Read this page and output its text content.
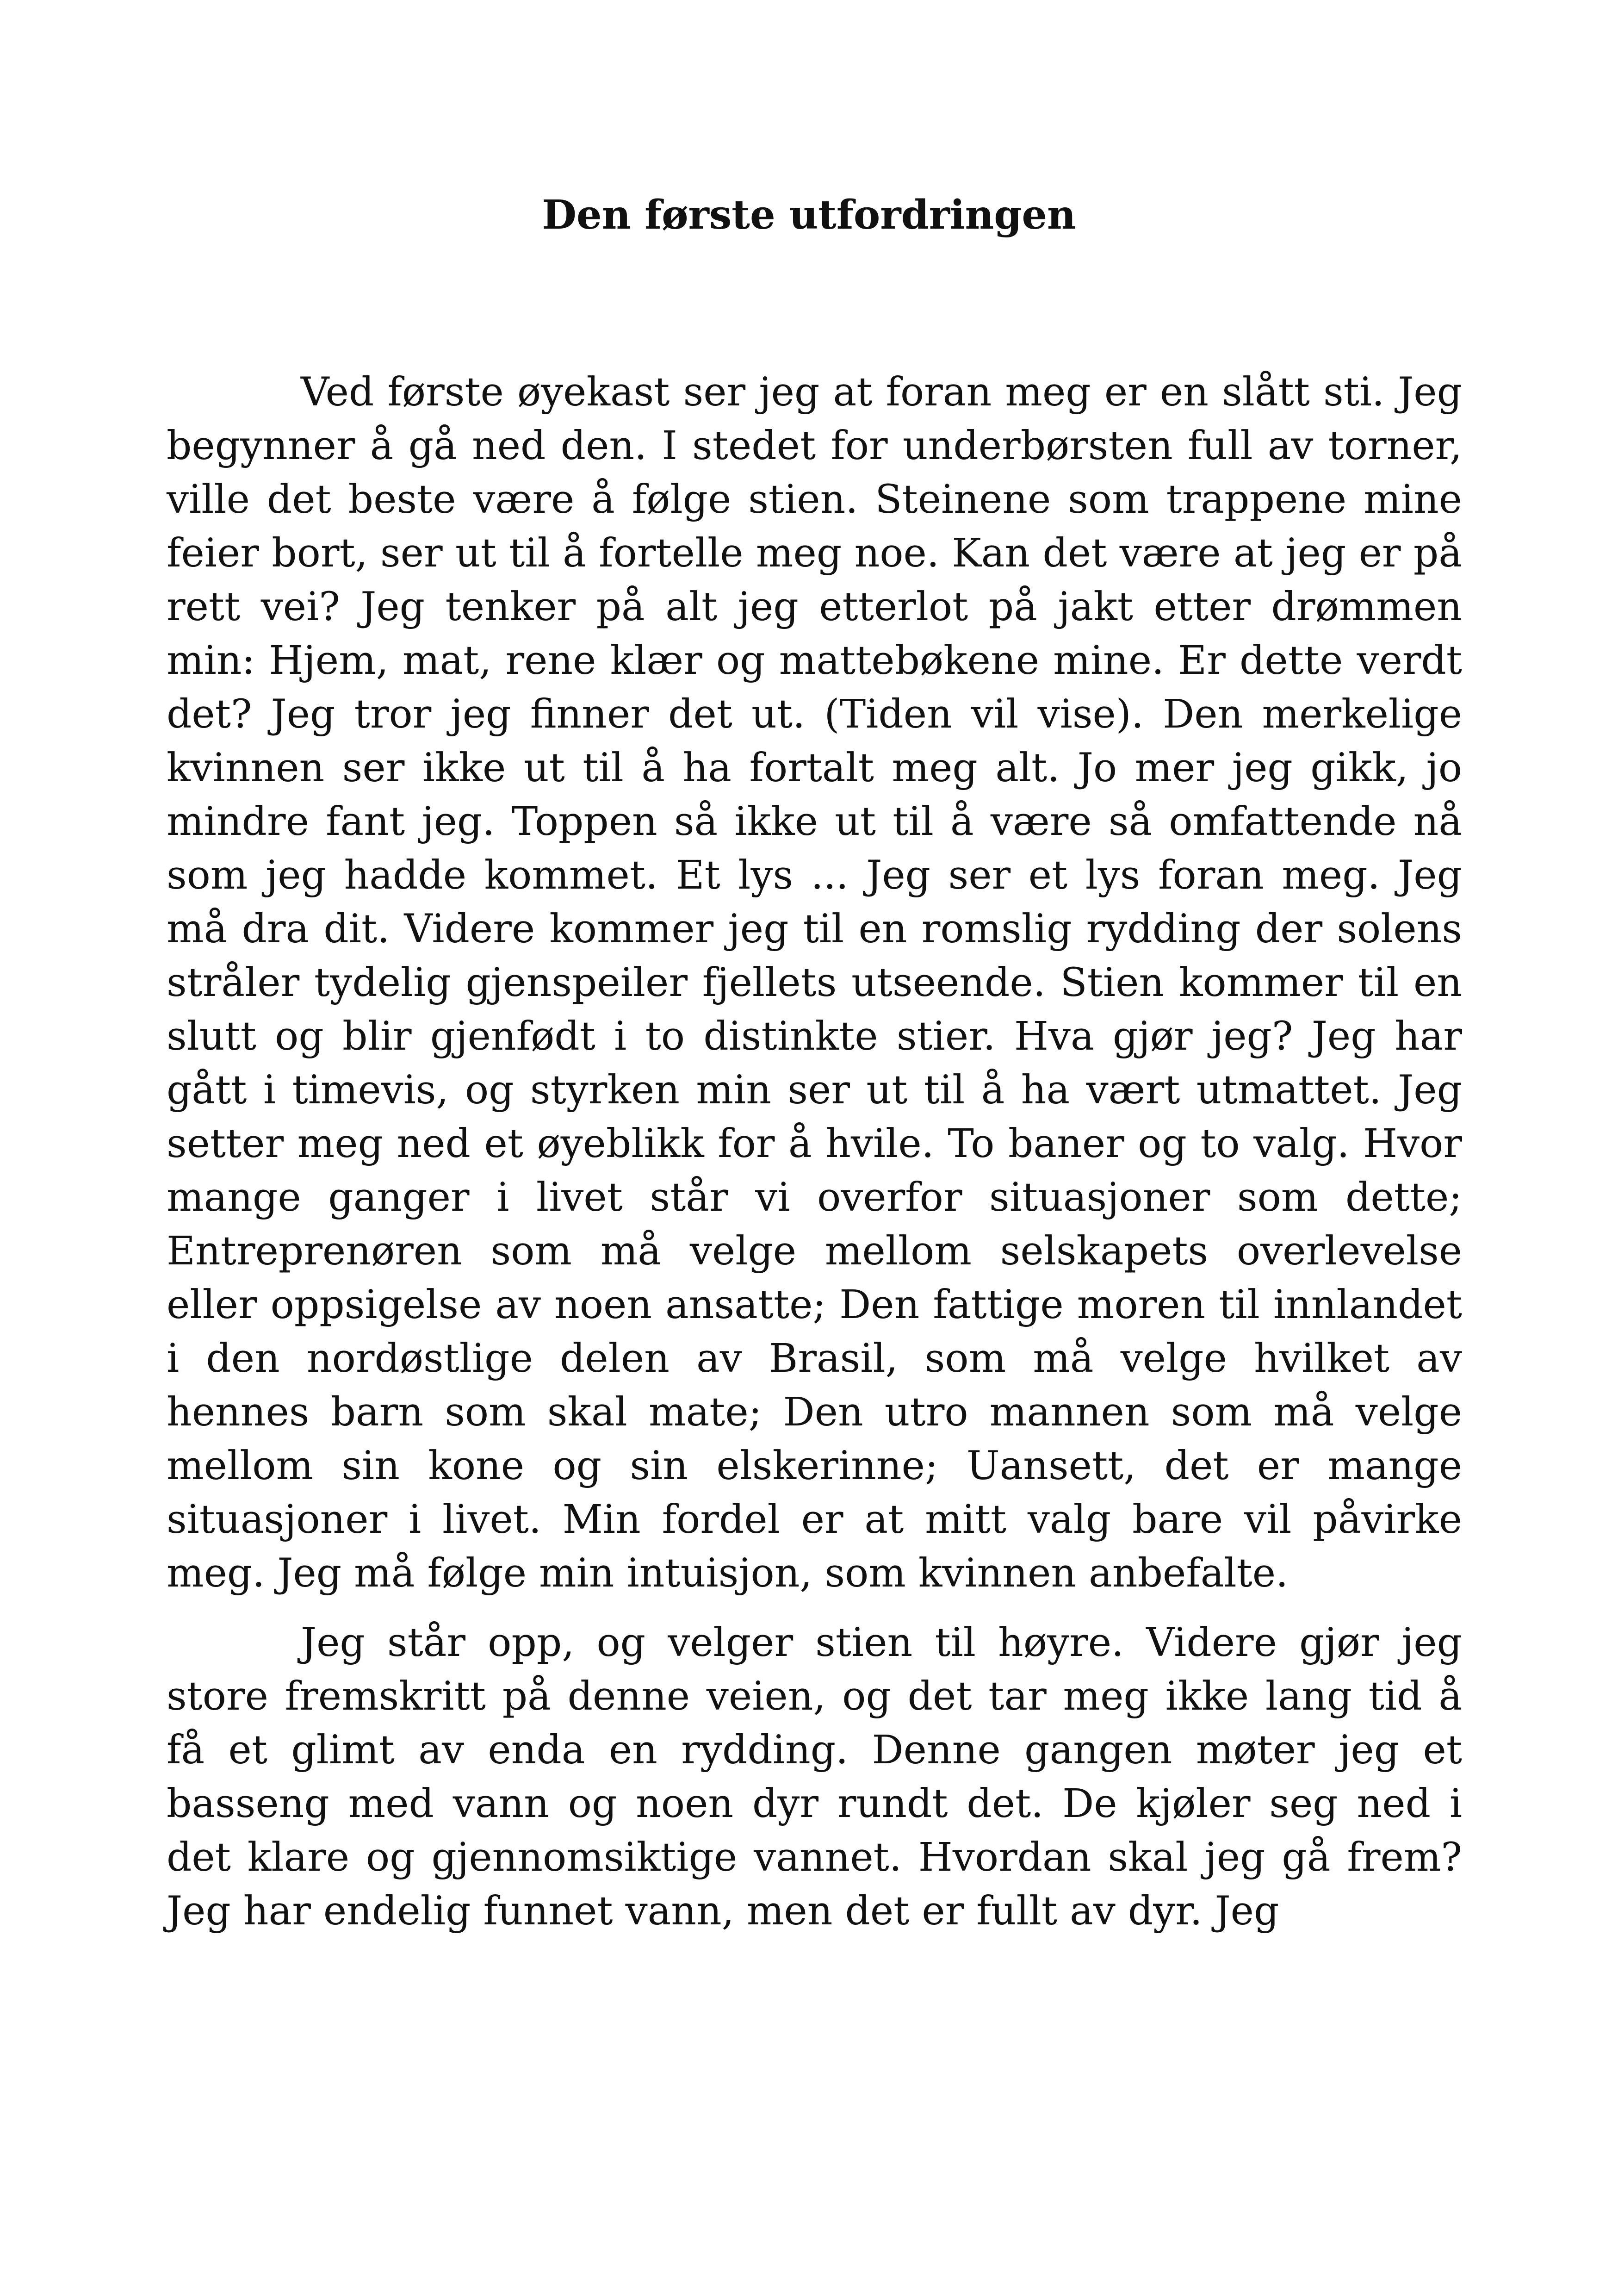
Den første utfordringen

Ved første øyekast ser jeg at foran meg er en slått sti. Jeg begynner å gå ned den. I stedet for underbørsten full av torner, ville det beste være å følge stien. Steinene som trappene mine feier bort, ser ut til å fortelle meg noe. Kan det være at jeg er på rett vei? Jeg tenker på alt jeg etterlot på jakt etter drømmen min: Hjem, mat, rene klær og mattebøkene mine. Er dette verdt det? Jeg tror jeg finner det ut. (Tiden vil vise). Den merkelige kvinnen ser ikke ut til å ha fortalt meg alt. Jo mer jeg gikk, jo mindre fant jeg. Toppen så ikke ut til å være så omfattende nå som jeg hadde kommet. Et lys ... Jeg ser et lys foran meg. Jeg må dra dit. Videre kommer jeg til en romslig rydding der solens stråler tydelig gjenspeiler fjellets utseende. Stien kommer til en slutt og blir gjenfødt i to distinkte stier. Hva gjør jeg? Jeg har gått i timevis, og styrken min ser ut til å ha vært utmattet. Jeg setter meg ned et øyeblikk for å hvile. To baner og to valg. Hvor mange ganger i livet står vi overfor situasjoner som dette; Entreprenøren som må velge mellom selskapets overlevelse eller oppsigelse av noen ansatte; Den fattige moren til innlandet i den nordøstlige delen av Brasil, som må velge hvilket av hennes barn som skal mate; Den utro mannen som må velge mellom sin kone og sin elskerinne; Uansett, det er mange situasjoner i livet. Min fordel er at mitt valg bare vil påvirke meg. Jeg må følge min intuisjon, som kvinnen anbefalte.

Jeg står opp, og velger stien til høyre. Videre gjør jeg store fremskritt på denne veien, og det tar meg ikke lang tid å få et glimt av enda en rydding. Denne gangen møter jeg et basseng med vann og noen dyr rundt det. De kjøler seg ned i det klare og gjennomsiktige vannet. Hvordan skal jeg gå frem? Jeg har endelig funnet vann, men det er fullt av dyr. Jeg
